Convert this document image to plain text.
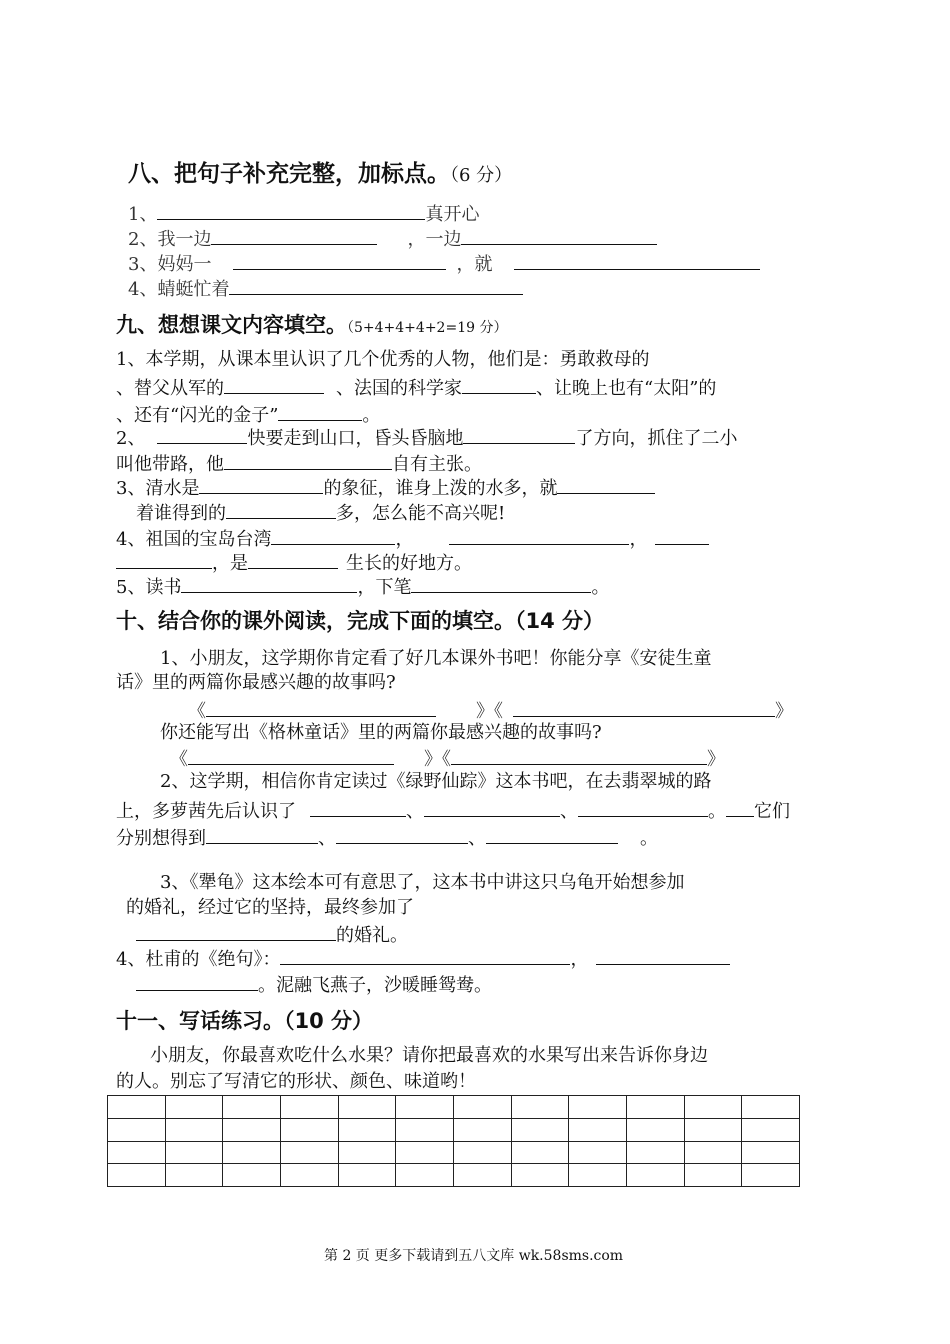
八、把句子补充完整，加标点。（6 分）
1、	真开心
2、我一边	，一边
3、妈妈一	，就
4、蜻蜓忙着
九、想想课文内容填空。（5+4+4+4+2=19 分）
1、本学期，从课本里认识了几个优秀的人物，他们是：勇敢救母的
、替父从军的	、法国的科学家	、让晚上也有“太阳”的
、还有“闪光的金子”	。
2、	快要走到山口，昏头昏脑地	了方向，抓住了二小
叫他带路，他	自有主张。
3、清水是	的象征，谁身上泼的水多，就
着谁得到的	多，怎么能不高兴呢!
4、祖国的宝岛台湾	，	，
，是	生长的好地方。
5、读书	，下笔	。
十、结合你的课外阅读，完成下面的填空。（14 分）
1、小朋友，这学期你肯定看了好几本课外书吧！你能分享《安徒生童
话》里的两篇你最感兴趣的故事吗?
《	》《	》
你还能写出《格林童话》里的两篇你最感兴趣的故事吗?
《	》《	》
2、这学期，相信你肯定读过《绿野仙踪》这本书吧，在去翡翠城的路
上，多萝茜先后认识了	、	、	。 它们
分别想得到	、	、	。
3、《犟龟》这本绘本可有意思了，这本书中讲这只乌龟开始想参加
的婚礼，经过它的坚持，最终参加了
的婚礼。
4、杜甫的《绝句》：	，
。泥融飞燕子，沙暖睡鸳鸯。
十一、写话练习。（10 分）
小朋友，你最喜欢吃什么水果？请你把最喜欢的水果写出来告诉你身边
的人。别忘了写清它的形状、颜色、味道哟！

第 2 页 更多下载请到五八文库 wk.58sms.com
